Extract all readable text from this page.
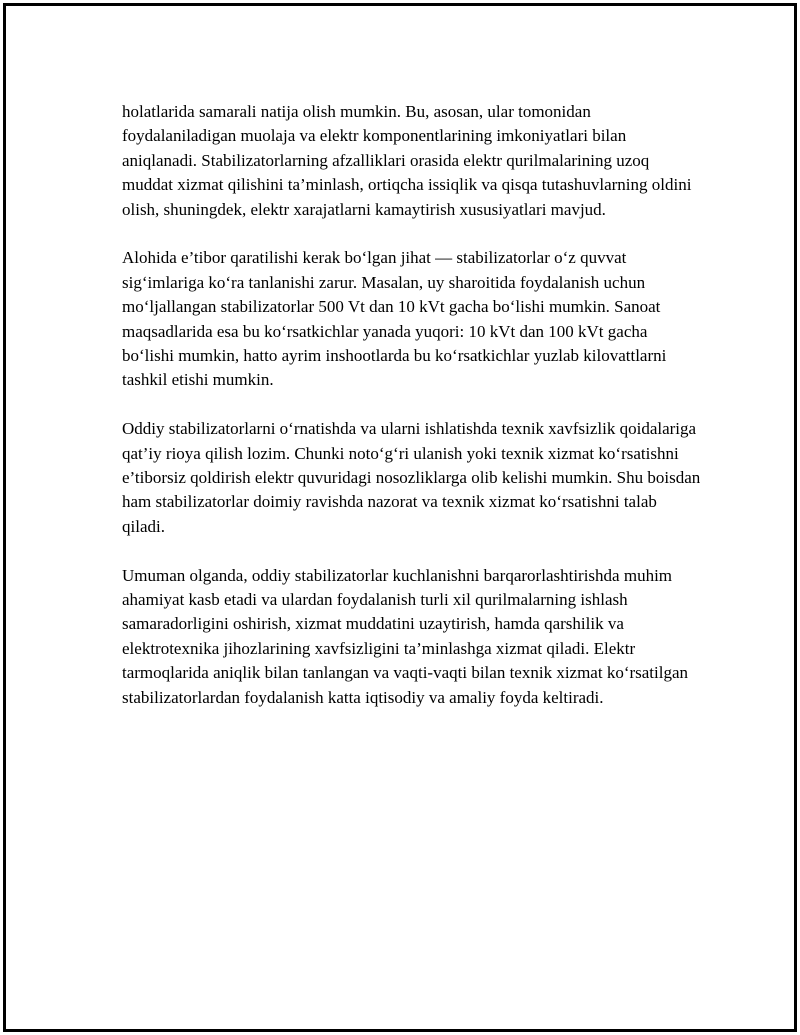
holatlarida samarali natija olish mumkin. Bu, asosan, ular tomonidan foydalaniladigan muolaja va elektr komponentlarining imkoniyatlari bilan aniqlanadi. Stabilizatorlarning afzalliklari orasida elektr qurilmalarining uzoq muddat xizmat qilishini ta’minlash, ortiqcha issiqlik va qisqa tutashuvlarning oldini olish, shuningdek, elektr xarajatlarni kamaytirish xususiyatlari mavjud.

Alohida e’tibor qaratilishi kerak bo‘lgan jihat — stabilizatorlar o‘z quvvat sig‘imlariga ko‘ra tanlanishi zarur. Masalan, uy sharoitida foydalanish uchun mo‘ljallangan stabilizatorlar 500 Vt dan 10 kVt gacha bo‘lishi mumkin. Sanoat maqsadlarida esa bu ko‘rsatkichlar yanada yuqori: 10 kVt dan 100 kVt gacha bo‘lishi mumkin, hatto ayrim inshootlarda bu ko‘rsatkichlar yuzlab kilovattlarni tashkil etishi mumkin.

Oddiy stabilizatorlarni o‘rnatishda va ularni ishlatishda texnik xavfsizlik qoidalariga qat’iy rioya qilish lozim. Chunki noto‘g‘ri ulanish yoki texnik xizmat ko‘rsatishni e’tiborsiz qoldirish elektr quvuridagi nosozliklarga olib kelishi mumkin. Shu boisdan ham stabilizatorlar doimiy ravishda nazorat va texnik xizmat ko‘rsatishni talab qiladi.

Umuman olganda, oddiy stabilizatorlar kuchlanishni barqarorlashtirishda muhim ahamiyat kasb etadi va ulardan foydalanish turli xil qurilmalarning ishlash samaradorligini oshirish, xizmat muddatini uzaytirish, hamda qarshilik va elektrotexnika jihozlarining xavfsizligini ta’minlashga xizmat qiladi. Elektr tarmoqlarida aniqlik bilan tanlangan va vaqti-vaqti bilan texnik xizmat ko‘rsatilgan stabilizatorlardan foydalanish katta iqtisodiy va amaliy foyda keltiradi.
